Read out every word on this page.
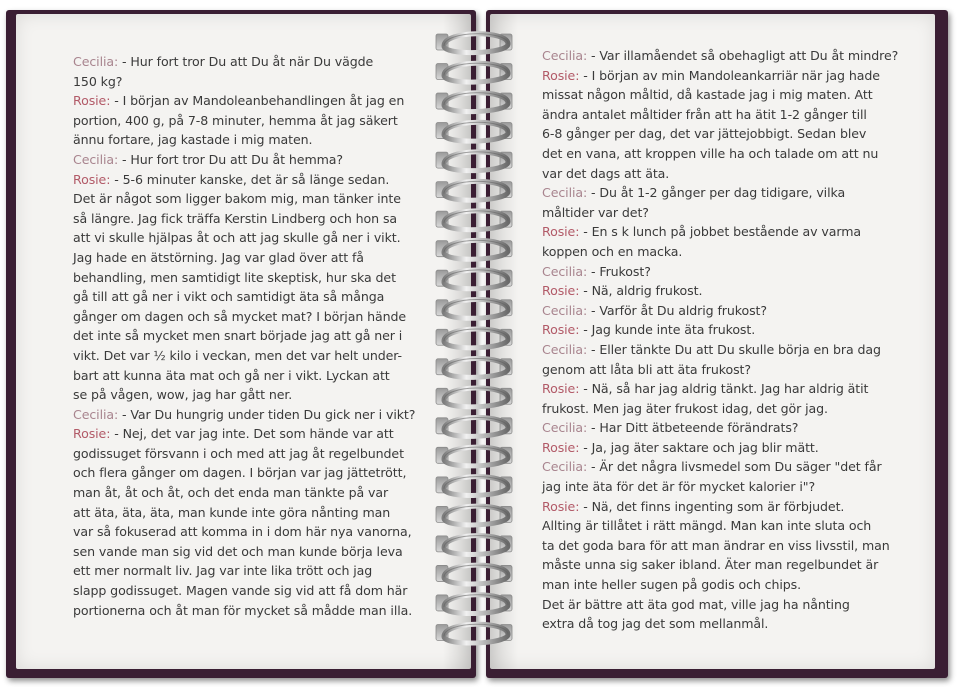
Cecilia: - Hur fort tror Du att Du åt när Du vägde
150 kg?
Rosie: - I början av Mandoleanbehandlingen åt jag en
portion, 400 g, på 7-8 minuter, hemma åt jag säkert
ännu fortare, jag kastade i mig maten.
Cecilia: - Hur fort tror Du att Du åt hemma?
Rosie: - 5-6 minuter kanske, det är så länge sedan.
Det är något som ligger bakom mig, man tänker inte
så längre. Jag fick träffa Kerstin Lindberg och hon sa
att vi skulle hjälpas åt och att jag skulle gå ner i vikt.
Jag hade en ätstörning. Jag var glad över att få
behandling, men samtidigt lite skeptisk, hur ska det
gå till att gå ner i vikt och samtidigt äta så många
gånger om dagen och så mycket mat? I början hände
det inte så mycket men snart började jag att gå ner i
vikt. Det var ½ kilo i veckan, men det var helt under-
bart att kunna äta mat och gå ner i vikt. Lyckan att
se på vågen, wow, jag har gått ner.
Cecilia: - Var Du hungrig under tiden Du gick ner i vikt?
Rosie: - Nej, det var jag inte. Det som hände var att
godissuget försvann i och med att jag åt regelbundet
och flera gånger om dagen. I början var jag jättetrött,
man åt, åt och åt, och det enda man tänkte på var
att äta, äta, äta, man kunde inte göra nånting man
var så fokuserad att komma in i dom här nya vanorna,
sen vande man sig vid det och man kunde börja leva
ett mer normalt liv. Jag var inte lika trött och jag
slapp godissuget. Magen vande sig vid att få dom här
portionerna och åt man för mycket så mådde man illa.
Cecilia: - Var illamåendet så obehagligt att Du åt mindre?
Rosie: - I början av min Mandoleankarriär när jag hade
missat någon måltid, då kastade jag i mig maten. Att
ändra antalet måltider från att ha ätit 1-2 gånger till
6-8 gånger per dag, det var jättejobbigt. Sedan blev
det en vana, att kroppen ville ha och talade om att nu
var det dags att äta.
Cecilia: - Du åt 1-2 gånger per dag tidigare, vilka
måltider var det?
Rosie: - En s k lunch på jobbet bestående av varma
koppen och en macka.
Cecilia: - Frukost?
Rosie: - Nä, aldrig frukost.
Cecilia: - Varför åt Du aldrig frukost?
Rosie: - Jag kunde inte äta frukost.
Cecilia: - Eller tänkte Du att Du skulle börja en bra dag
genom att låta bli att äta frukost?
Rosie: - Nä, så har jag aldrig tänkt. Jag har aldrig ätit
frukost. Men jag äter frukost idag, det gör jag.
Cecilia: - Har Ditt ätbeteende förändrats?
Rosie: - Ja, jag äter saktare och jag blir mätt.
Cecilia: - Är det några livsmedel som Du säger "det får
jag inte äta för det är för mycket kalorier i"?
Rosie: - Nä, det finns ingenting som är förbjudet.
Allting är tillåtet i rätt mängd. Man kan inte sluta och
ta det goda bara för att man ändrar en viss livsstil, man
måste unna sig saker ibland. Äter man regelbundet är
man inte heller sugen på godis och chips.
Det är bättre att äta god mat, ville jag ha nånting
extra då tog jag det som mellanmål.
